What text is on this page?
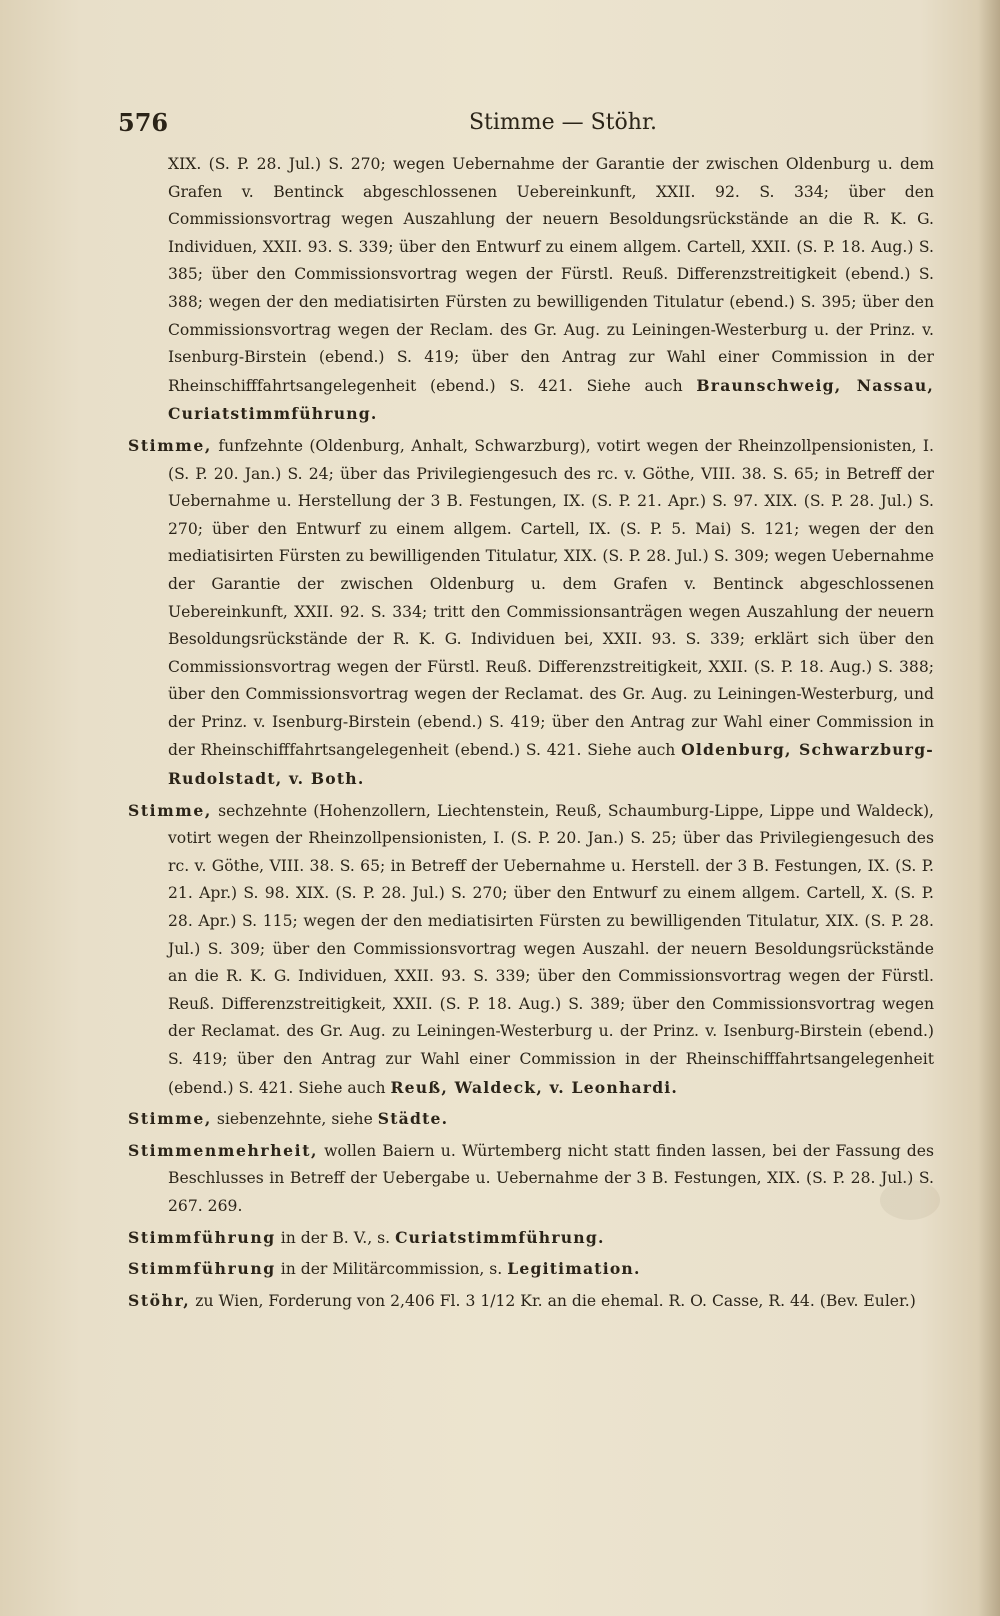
576	Stimme — Stöhr.

XIX. (S. P. 28. Jul.) S. 270; wegen Uebernahme der Garantie der zwischen Oldenburg u. dem Grafen v. Bentinck abgeschlossenen Uebereinkunft, XXII. 92. S. 334; über den Commissionsvortrag wegen Auszahlung der neuern Besoldungsrückstände an die R. K. G. Individuen, XXII. 93. S. 339; über den Entwurf zu einem allgem. Cartell, XXII. (S. P. 18. Aug.) S. 385; über den Commissionsvortrag wegen der Fürstl. Reuß. Differenzstreitigkeit (ebend.) S. 388; wegen der den mediatisirten Fürsten zu bewilligenden Titulatur (ebend.) S. 395; über den Commissionsvortrag wegen der Reclam. des Gr. Aug. zu Leiningen-Westerburg u. der Prinz. v. Isenburg-Birstein (ebend.) S. 419; über den Antrag zur Wahl einer Commission in der Rheinschifffahrtsangelegenheit (ebend.) S. 421. Siehe auch Braunschweig, Nassau, Curiatstimmführung.

Stimme, funfzehnte (Oldenburg, Anhalt, Schwarzburg), votirt wegen der Rheinzollpensionisten, I. (S. P. 20. Jan.) S. 24; über das Privilegiengesuch des rc. v. Göthe, VIII. 38. S. 65; in Betreff der Uebernahme u. Herstellung der 3 B. Festungen, IX. (S. P. 21. Apr.) S. 97. XIX. (S. P. 28. Jul.) S. 270; über den Entwurf zu einem allgem. Cartell, IX. (S. P. 5. Mai) S. 121; wegen der den mediatisirten Fürsten zu bewilligenden Titulatur, XIX. (S. P. 28. Jul.) S. 309; wegen Uebernahme der Garantie der zwischen Oldenburg u. dem Grafen v. Bentinck abgeschlossenen Uebereinkunft, XXII. 92. S. 334; tritt den Commissionsanträgen wegen Auszahlung der neuern Besoldungsrückstände der R. K. G. Individuen bei, XXII. 93. S. 339; erklärt sich über den Commissionsvortrag wegen der Fürstl. Reuß. Differenzstreitigkeit, XXII. (S. P. 18. Aug.) S. 388; über den Commissionsvortrag wegen der Reclamat. des Gr. Aug. zu Leiningen-Westerburg, und der Prinz. v. Isenburg-Birstein (ebend.) S. 419; über den Antrag zur Wahl einer Commission in der Rheinschifffahrtsangelegenheit (ebend.) S. 421. Siehe auch Oldenburg, Schwarzburg-Rudolstadt, v. Both.

Stimme, sechzehnte (Hohenzollern, Liechtenstein, Reuß, Schaumburg-Lippe, Lippe und Waldeck), votirt wegen der Rheinzollpensionisten, I. (S. P. 20. Jan.) S. 25; über das Privilegiengesuch des rc. v. Göthe, VIII. 38. S. 65; in Betreff der Uebernahme u. Herstell. der 3 B. Festungen, IX. (S. P. 21. Apr.) S. 98. XIX. (S. P. 28. Jul.) S. 270; über den Entwurf zu einem allgem. Cartell, X. (S. P. 28. Apr.) S. 115; wegen der den mediatisirten Fürsten zu bewilligenden Titulatur, XIX. (S. P. 28. Jul.) S. 309; über den Commissionsvortrag wegen Auszahl. der neuern Besoldungsrückstände an die R. K. G. Individuen, XXII. 93. S. 339; über den Commissionsvortrag wegen der Fürstl. Reuß. Differenzstreitigkeit, XXII. (S. P. 18. Aug.) S. 389; über den Commissionsvortrag wegen der Reclamat. des Gr. Aug. zu Leiningen-Westerburg u. der Prinz. v. Isenburg-Birstein (ebend.) S. 419; über den Antrag zur Wahl einer Commission in der Rheinschifffahrtsangelegenheit (ebend.) S. 421. Siehe auch Reuß, Waldeck, v. Leonhardi.

Stimme, siebenzehnte, siehe Städte.

Stimmenmehrheit, wollen Baiern u. Würtemberg nicht statt finden lassen, bei der Fassung des Beschlusses in Betreff der Uebergabe u. Uebernahme der 3 B. Festungen, XIX. (S. P. 28. Jul.) S. 267. 269.

Stimmführung in der B. V., s. Curiatstimmführung.

Stimmführung in der Militärcommission, s. Legitimation.

Stöhr, zu Wien, Forderung von 2,406 Fl. 3 1/12 Kr. an die ehemal. R. O. Casse, R. 44. (Bev. Euler.)
